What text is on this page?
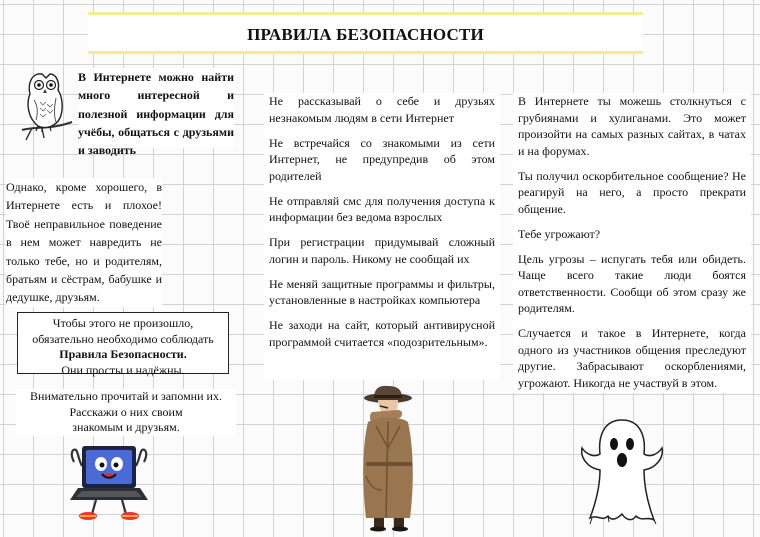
ПРАВИЛА БЕЗОПАСНОСТИ

В Интернете можно найти много интересной и полезной информации для учёбы, общаться с друзьями и заводить

Однако, кроме хорошего, в Интернете есть и плохое! Твоё неправильное поведение в нем может навредить не только тебе, но и родителям, братьям и сёстрам, бабушке и дедушке, друзьям.

Чтобы этого не произошло,
обязательно необходимо соблюдать
Правила Безопасности.
Они просты и надёжны.
Внимательно прочитай и запомни их.
Расскажи о них своим
знакомым и друзьям.

Не рассказывай о себе и друзьях незнакомым людям в сети Интернет

Не встречайся со знакомыми из сети Интернет, не предупредив об этом родителей

Не отправляй смс для получения доступа к информации без ведома взрослых

При регистрации придумывай сложный логин и пароль. Никому не сообщай их

Не меняй защитные программы и фильтры, установленные в настройках компьютера

Не заходи на сайт, который антивирусной программой считается «подозрительным».

В Интернете ты можешь столкнуться с грубиянами и хулиганами. Это может произойти на самых разных сайтах, в чатах и на форумах.

Ты получил оскорбительное сообщение? Не реагируй на него, а просто прекрати общение.

Тебе угрожают?

Цель угрозы – испугать тебя или обидеть. Чаще всего такие люди боятся ответственности. Сообщи об этом сразу же родителям.

Случается и такое в Интернете, когда одного из участников общения преследуют другие. Забрасывают оскорблениями, угрожают. Никогда не участвуй в этом.
